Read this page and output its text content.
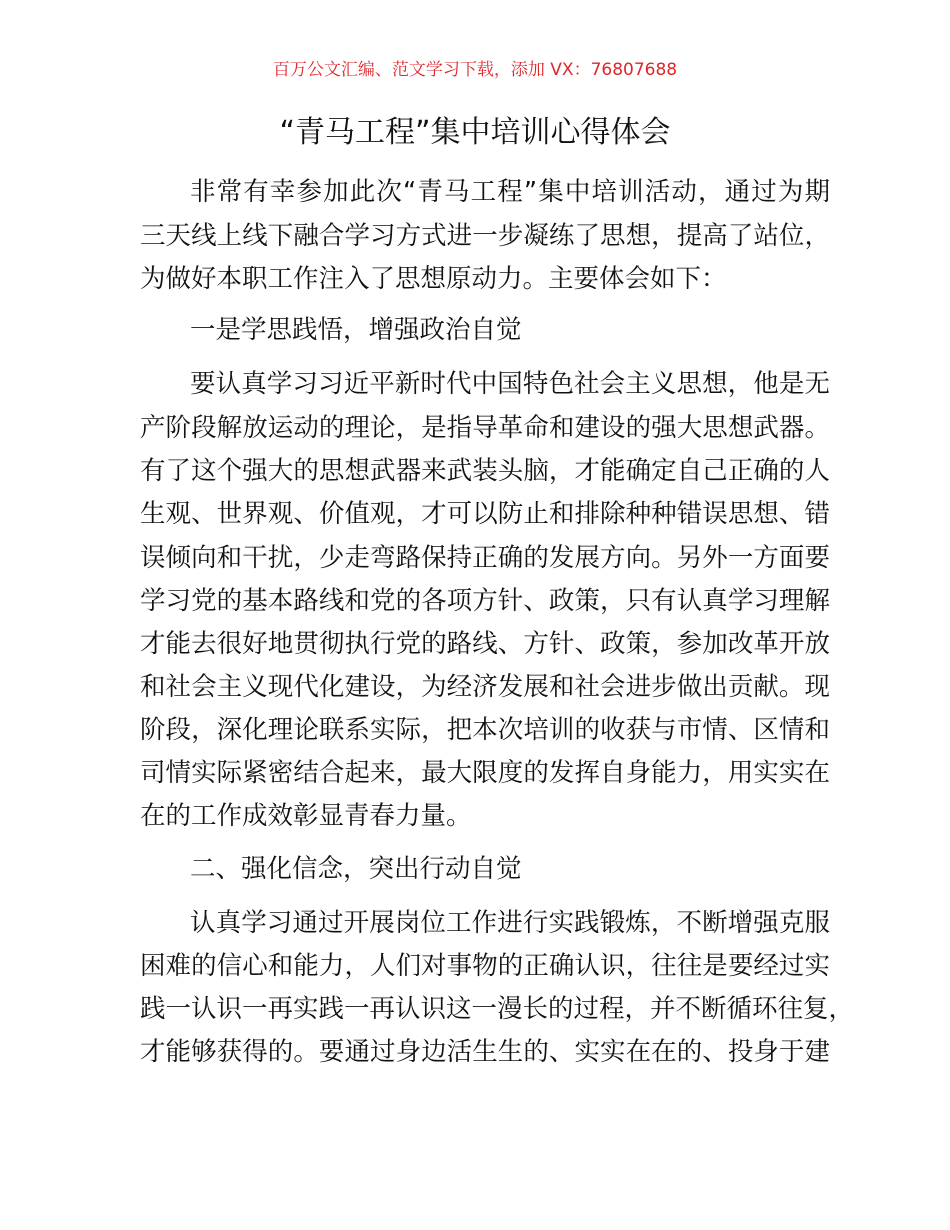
百万公文汇编、范文学习下载，添加 VX：76807688
“青马工程”集中培训心得体会
非常有幸参加此次“青马工程”集中培训活动，通过为期
三天线上线下融合学习方式进一步凝练了思想，提高了站位，
为做好本职工作注入了思想原动力。主要体会如下：
一是学思践悟，增强政治自觉
要认真学习习近平新时代中国特色社会主义思想，他是无
产阶段解放运动的理论，是指导革命和建设的强大思想武器。
有了这个强大的思想武器来武装头脑，才能确定自己正确的人
生观、世界观、价值观，才可以防止和排除种种错误思想、错
误倾向和干扰，少走弯路保持正确的发展方向。另外一方面要
学习党的基本路线和党的各项方针、政策，只有认真学习理解
才能去很好地贯彻执行党的路线、方针、政策，参加改革开放
和社会主义现代化建设，为经济发展和社会进步做出贡献。现
阶段，深化理论联系实际，把本次培训的收获与市情、区情和
司情实际紧密结合起来，最大限度的发挥自身能力，用实实在
在的工作成效彰显青春力量。
二、强化信念，突出行动自觉
认真学习通过开展岗位工作进行实践锻炼，不断增强克服
困难的信心和能力，人们对事物的正确认识，往往是要经过实
践一认识一再实践一再认识这一漫长的过程，并不断循环往复，
才能够获得的。要通过身边活生生的、实实在在的、投身于建
